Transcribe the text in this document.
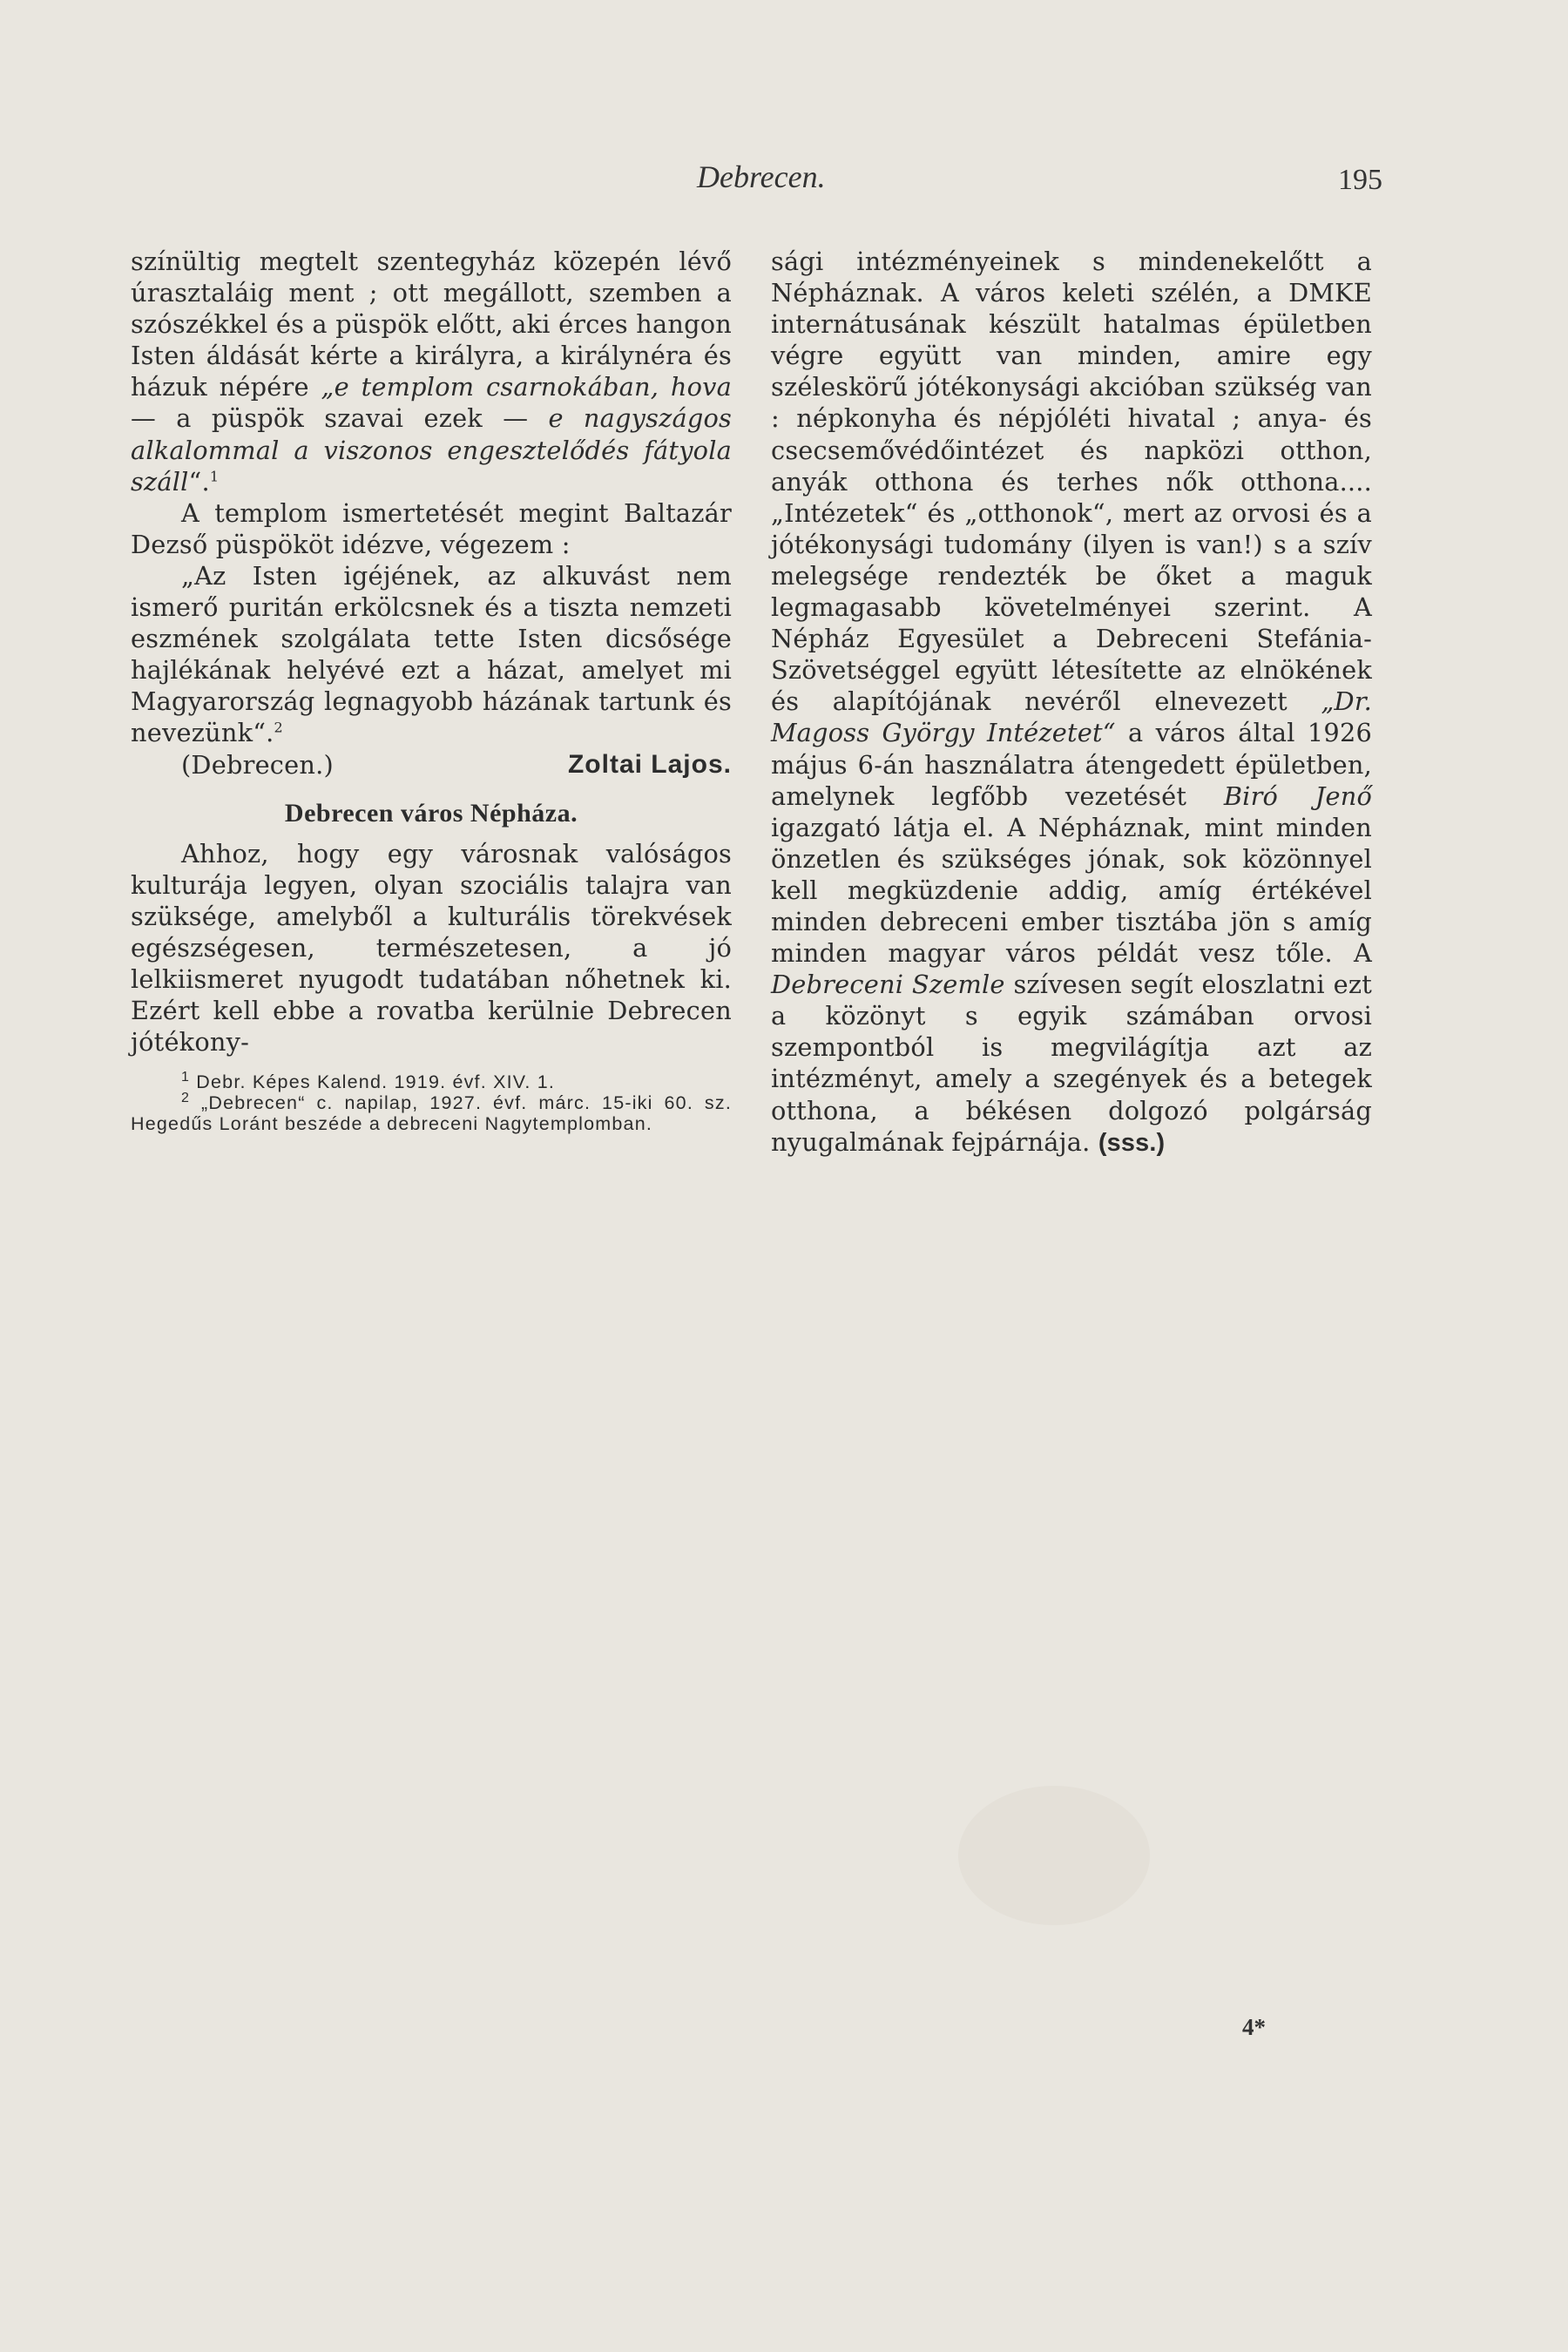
Debrecen.	195

színültig megtelt szentegyház közepén lévő úrasztaláig ment ; ott megállott, szemben a szószékkel és a püspök előtt, aki érces hangon Isten áldását kérte a királyra, a királynéra és házuk népére „e templom csarnokában, hova — a püspök szavai ezek — e nagyszágos alkalommal a viszonos engesztelődés fátyola száll“.$^1$

A templom ismertetését megint Baltazár Dezső püspököt idézve, végezem :

„Az Isten igéjének, az alkuvást nem ismerő puritán erkölcsnek és a tiszta nemzeti eszmének szolgálata tette Isten dicsősége hajlékának helyévé ezt a házat, amelyet mi Magyarország legnagyobb házának tartunk és nevezünk“.$^2$

(Debrecen.)	Zoltai Lajos.
Debrecen város Népháza.

Ahhoz, hogy egy városnak valóságos kulturája legyen, olyan szociális talajra van szüksége, amelyből a kulturális törekvések egészségesen, természetesen, a jó lelkiismeret nyugodt tudatában nőhetnek ki. Ezért kell ebbe a rovatba kerülnie Debrecen jótékony-

$^1$ Debr. Képes Kalend. 1919. évf. XIV. 1.

$^2$ „Debrecen“ c. napilap, 1927. évf. márc. 15-iki 60. sz. Hegedűs Loránt beszéde a debreceni Nagytemplomban.

sági intézményeinek s mindenekelőtt a Népháznak. A város keleti szélén, a DMKE internátusának készült hatalmas épületben végre együtt van minden, amire egy széleskörű jótékonysági akcióban szükség van : népkonyha és népjóléti hivatal ; anya- és csecsemővédőintézet és napközi otthon, anyák otthona és terhes nők otthona.... „Intézetek“ és „otthonok“, mert az orvosi és a jótékonysági tudomány (ilyen is van!) s a szív melegsége rendezték be őket a maguk legmagasabb követelményei szerint. A Népház Egyesület a Debreceni Stefánia-Szövetséggel együtt létesítette az elnökének és alapítójának nevéről elnevezett „Dr. Magoss György Intézetet“ a város által 1926 május 6-án használatra átengedett épületben, amelynek legfőbb vezetését Biró Jenő igazgató látja el. A Népháznak, mint minden önzetlen és szükséges jónak, sok közönnyel kell megküzdenie addig, amíg értékével minden debreceni ember tisztába jön s amíg minden magyar város példát vesz tőle. A Debreceni Szemle szívesen segít eloszlatni ezt a közönyt s egyik számában orvosi szempontból is megvilágítja azt az intézményt, amely a szegények és a betegek otthona, a békésen dolgozó polgárság nyugalmának fejpárnája. (sss.)

4*
